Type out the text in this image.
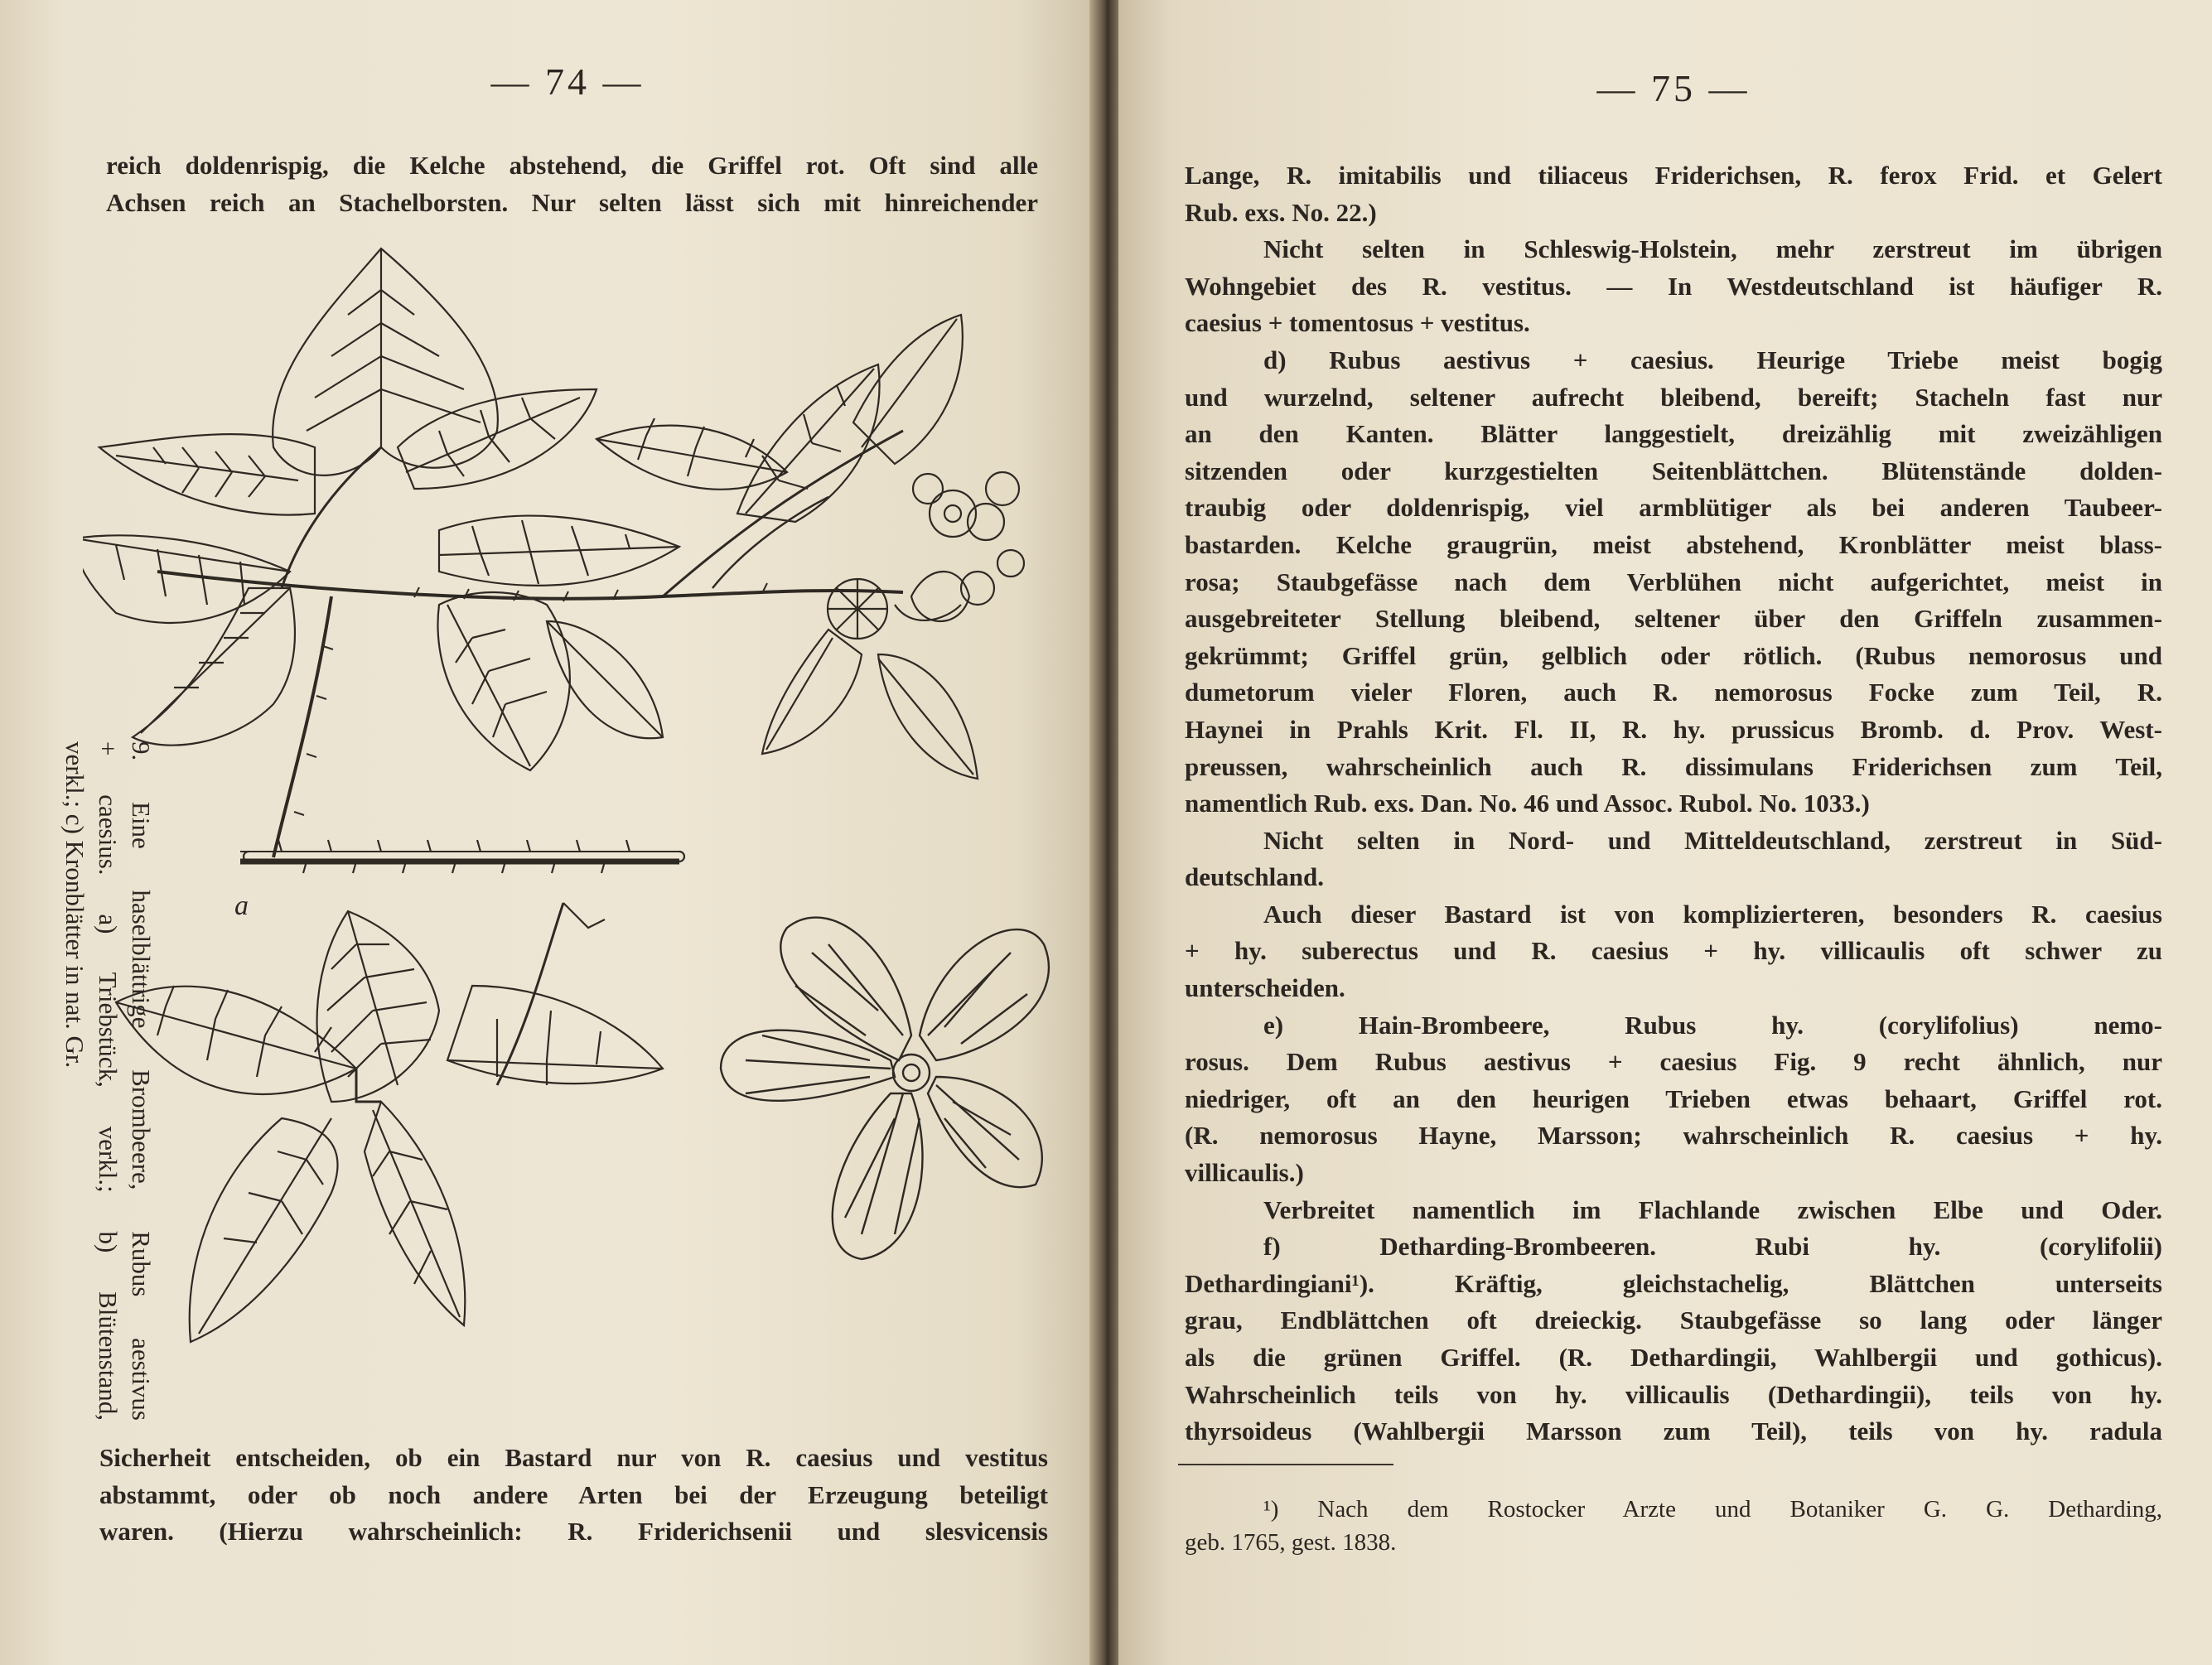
— 74 —
reich doldenrispig, die Kelche abstehend, die Griffel rot. Oft sind alle
Achsen reich an Stachelborsten. Nur selten lässt sich mit hinreichender
a
9. Eine haselblättrige Brombeere, Rubus aestivus
+ caesius. a) Triebstück, verkl.; b) Blütenstand,
verkl.; c) Kronblätter in nat. Gr.
Sicherheit entscheiden, ob ein Bastard nur von R. caesius und vestitus
abstammt, oder ob noch andere Arten bei der Erzeugung beteiligt
waren. (Hierzu wahrscheinlich: R. Friderichsenii und slesvicensis
— 75 —
Lange, R. imitabilis und tiliaceus Friderichsen, R. ferox Frid. et Gelert
Rub. exs. No. 22.)
Nicht selten in Schleswig-Holstein, mehr zerstreut im übrigen
Wohngebiet des R. vestitus. — In Westdeutschland ist häufiger R.
caesius + tomentosus + vestitus.
d) Rubus aestivus + caesius. Heurige Triebe meist bogig
und wurzelnd, seltener aufrecht bleibend, bereift; Stacheln fast nur
an den Kanten. Blätter langgestielt, dreizählig mit zweizähligen
sitzenden oder kurzgestielten Seitenblättchen. Blütenstände dolden-
traubig oder doldenrispig, viel armblütiger als bei anderen Taubeer-
bastarden. Kelche graugrün, meist abstehend, Kronblätter meist blass-
rosa; Staubgefässe nach dem Verblühen nicht aufgerichtet, meist in
ausgebreiteter Stellung bleibend, seltener über den Griffeln zusammen-
gekrümmt; Griffel grün, gelblich oder rötlich. (Rubus nemorosus und
dumetorum vieler Floren, auch R. nemorosus Focke zum Teil, R.
Haynei in Prahls Krit. Fl. II, R. hy. prussicus Bromb. d. Prov. West-
preussen, wahrscheinlich auch R. dissimulans Friderichsen zum Teil,
namentlich Rub. exs. Dan. No. 46 und Assoc. Rubol. No. 1033.)
Nicht selten in Nord- und Mitteldeutschland, zerstreut in Süd-
deutschland.
Auch dieser Bastard ist von komplizierteren, besonders R. caesius
+ hy. suberectus und R. caesius + hy. villicaulis oft schwer zu
unterscheiden.
e) Hain-Brombeere, Rubus hy. (corylifolius) nemo-
rosus. Dem Rubus aestivus + caesius Fig. 9 recht ähnlich, nur
niedriger, oft an den heurigen Trieben etwas behaart, Griffel rot.
(R. nemorosus Hayne, Marsson; wahrscheinlich R. caesius + hy.
villicaulis.)
Verbreitet namentlich im Flachlande zwischen Elbe und Oder.
f) Detharding-Brombeeren. Rubi hy. (corylifolii)
Dethardingiani¹). Kräftig, gleichstachelig, Blättchen unterseits
grau, Endblättchen oft dreieckig. Staubgefässe so lang oder länger
als die grünen Griffel. (R. Dethardingii, Wahlbergii und gothicus).
Wahrscheinlich teils von hy. villicaulis (Dethardingii), teils von hy.
thyrsoideus (Wahlbergii Marsson zum Teil), teils von hy. radula
¹) Nach dem Rostocker Arzte und Botaniker G. G. Detharding,
geb. 1765, gest. 1838.
